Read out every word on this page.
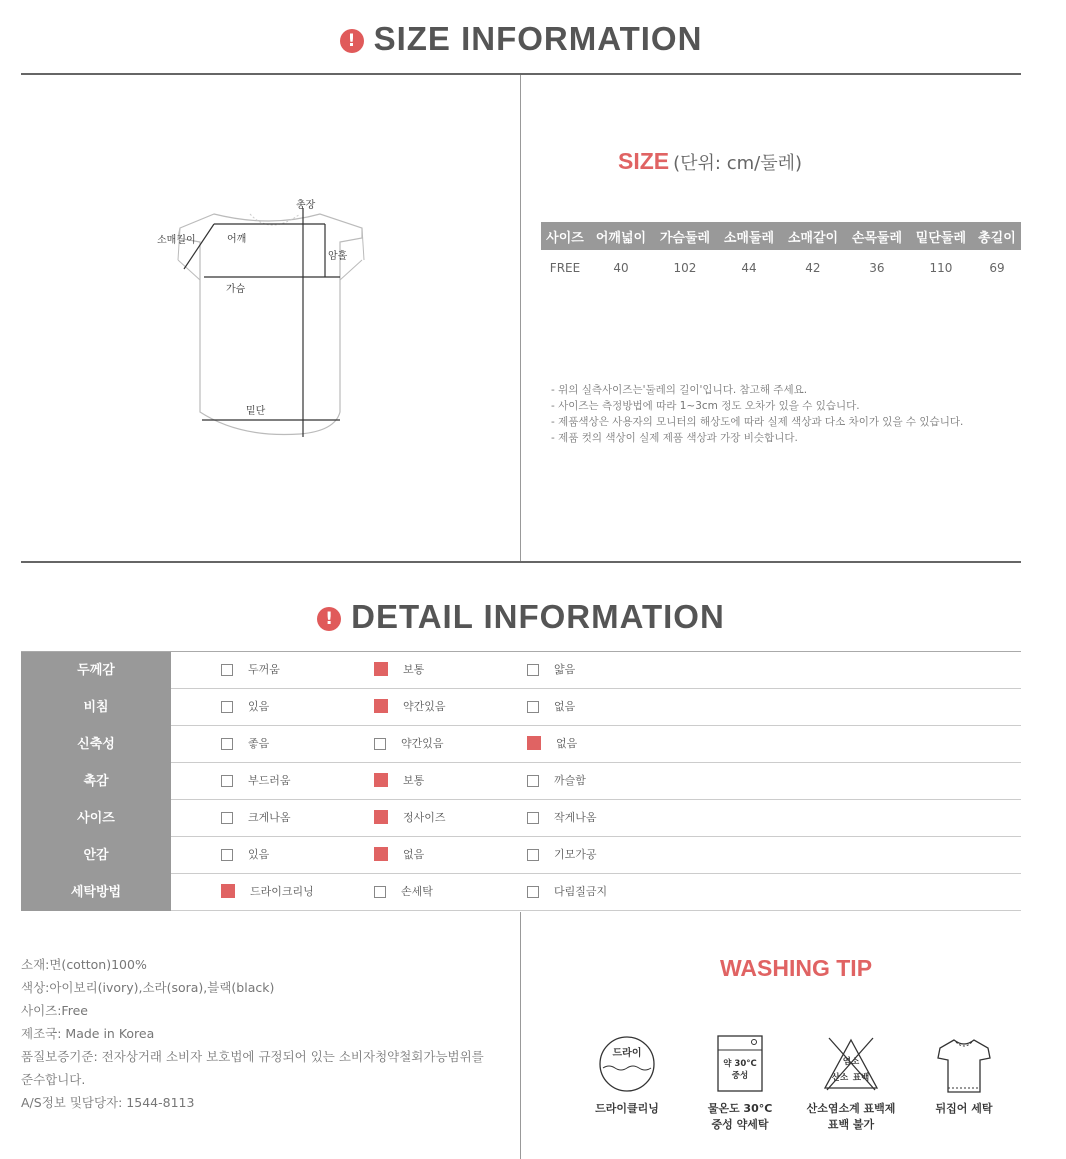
! SIZE INFORMATION
총장
소매길이	어깨
암홀
가슴
밑단
SIZE (단위: cm/둘레)
사이즈	어깨넓이	가슴둘레	소매둘레	소매같이	손목둘레	밑단둘레	총길이
FREE	40	102	44	42	36	110	69
- 위의 실측사이즈는'둘레의 길이'입니다. 참고해 주세요.
- 사이즈는 측정방법에 따라 1~3cm 정도 오차가 있을 수 있습니다.
- 제품색상은 사용자의 모니터의 해상도에 따라 실제 색상과 다소 차이가 있을 수 있습니다.
- 제품 컷의 색상이 실제 제품 색상과 가장 비슷합니다.
! DETAIL INFORMATION
두께감	두꺼움	보통	얇음
비침	있음	약간있음	없음
신축성	좋음	약간있음	없음
촉감	부드러움	보통	까슬함
사이즈	크게나옴	정사이즈	작게나옴
안감	있음	없음	기모가공
세탁방법	드라이크리닝	손세탁	다림질금지
소재:면(cotton)100%
색상:아이보리(ivory),소라(sora),블랙(black)
사이즈:Free
제조국: Made in Korea
품질보증기준: 전자상거래 소비자 보호법에 규정되어 있는 소비자청약철회가능범위를
준수합니다.
A/S정보 및담당자: 1544-8113
WASHING TIP
드라이
드라이클리닝
약 30°C
중성
물온도 30°C
중성 약세탁
염소
산소 표백
산소염소계 표백제
표백 불가
뒤집어 세탁
